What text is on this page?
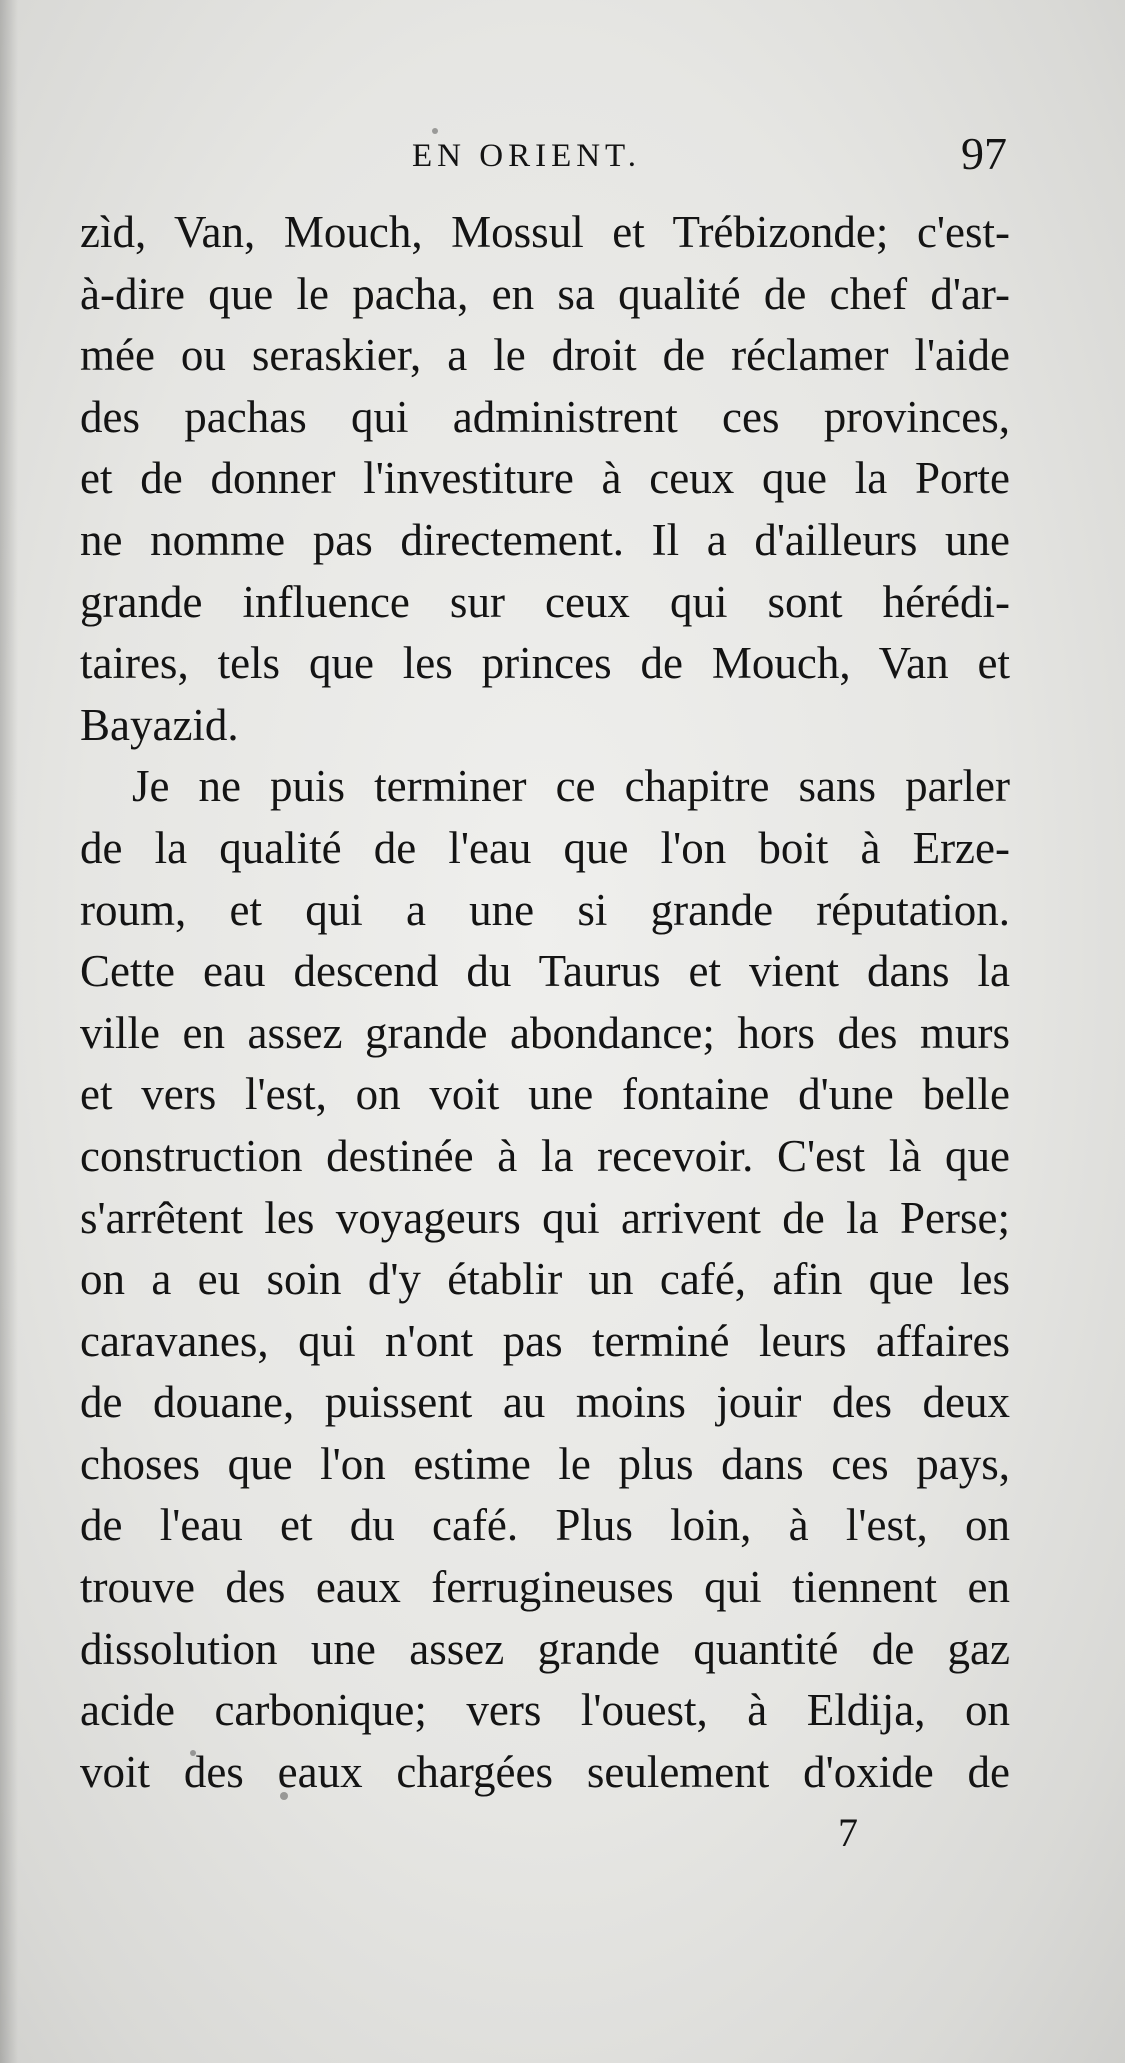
EN ORIENT.	97
zìd, Van, Mouch, Mossul et Trébizonde; c'est-
à-dire que le pacha, en sa qualité de chef d'ar-
mée ou seraskier, a le droit de réclamer l'aide
des pachas qui administrent ces provinces,
et de donner l'investiture à ceux que la Porte
ne nomme pas directement. Il a d'ailleurs une
grande influence sur ceux qui sont hérédi-
taires, tels que les princes de Mouch, Van et
Bayazid.
Je ne puis terminer ce chapitre sans parler
de la qualité de l'eau que l'on boit à Erze-
roum, et qui a une si grande réputation.
Cette eau descend du Taurus et vient dans la
ville en assez grande abondance; hors des murs
et vers l'est, on voit une fontaine d'une belle
construction destinée à la recevoir. C'est là que
s'arrêtent les voyageurs qui arrivent de la Perse;
on a eu soin d'y établir un café, afin que les
caravanes, qui n'ont pas terminé leurs affaires
de douane, puissent au moins jouir des deux
choses que l'on estime le plus dans ces pays,
de l'eau et du café. Plus loin, à l'est, on
trouve des eaux ferrugineuses qui tiennent en
dissolution une assez grande quantité de gaz
acide carbonique; vers l'ouest, à Eldija, on
voit des eaux chargées seulement d'oxide de
7
